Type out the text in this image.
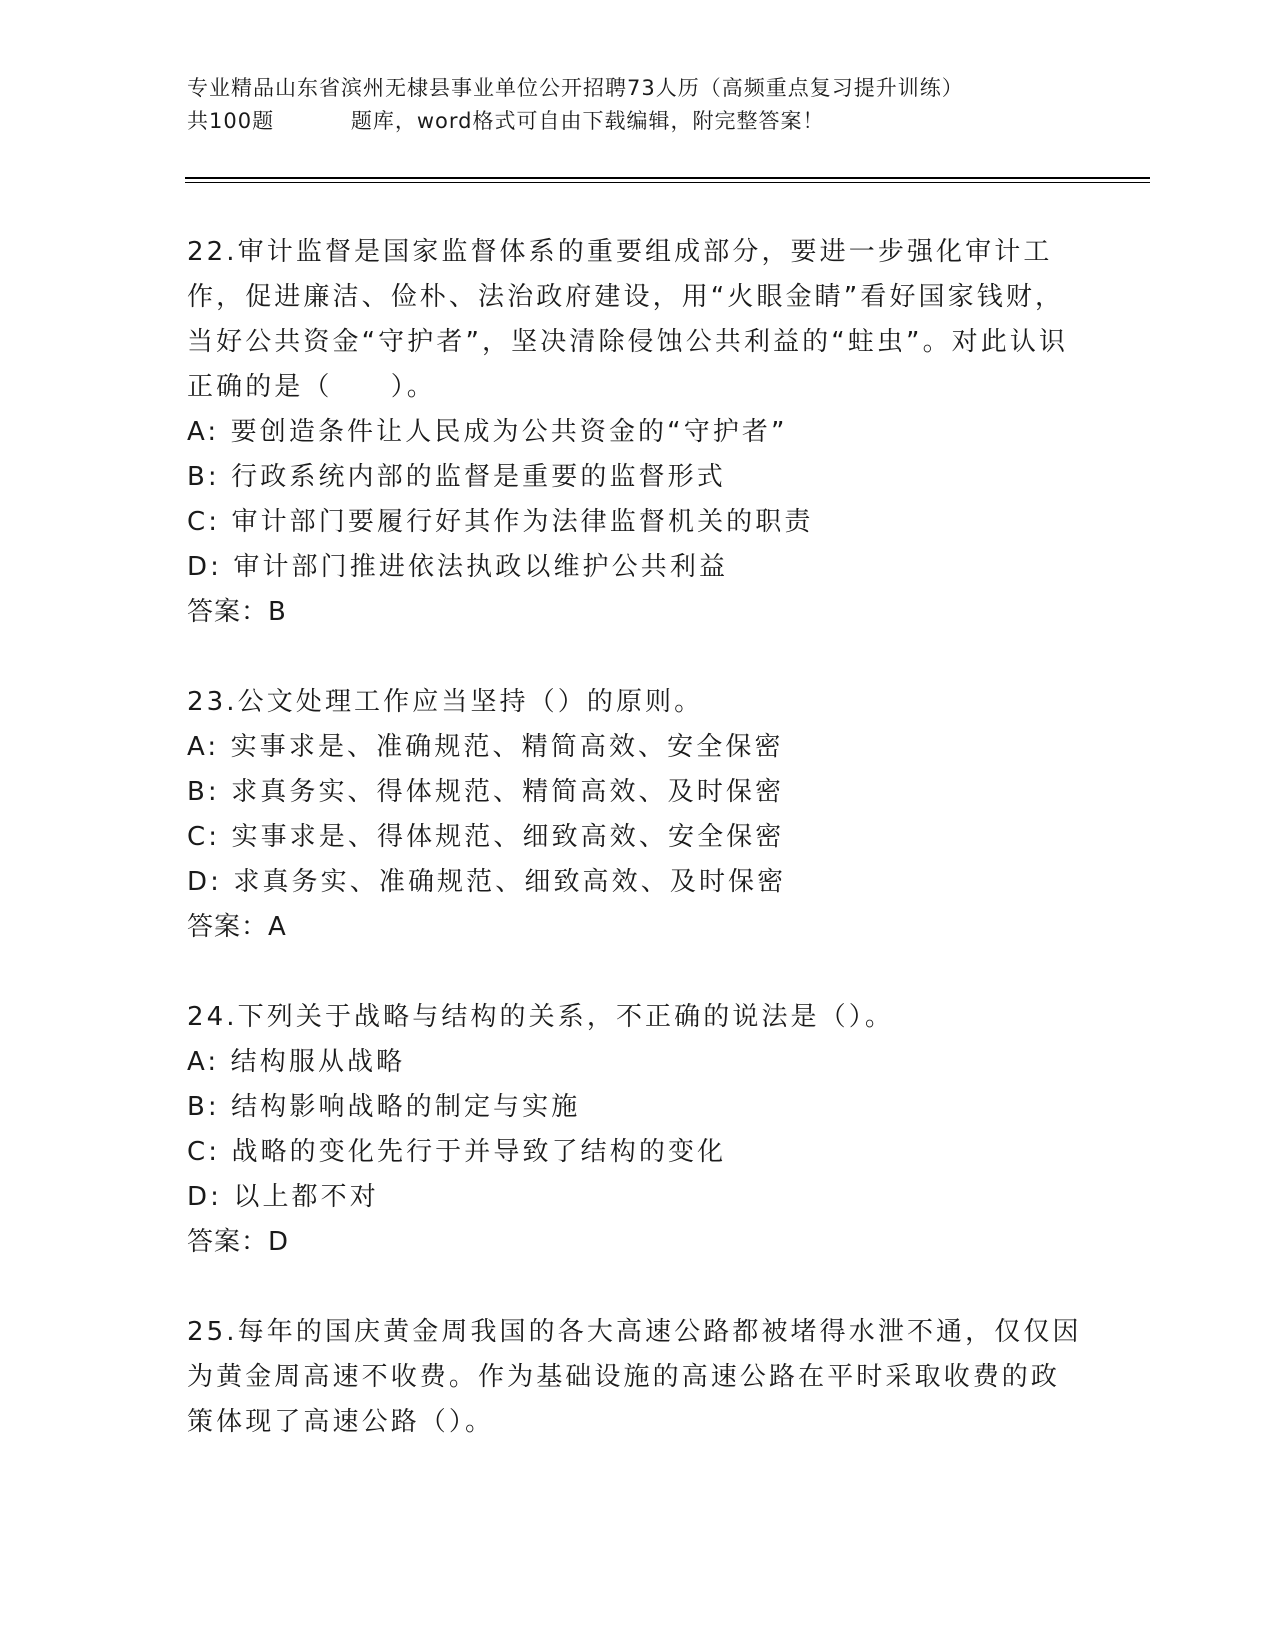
专业精品山东省滨州无棣县事业单位公开招聘73人历（高频重点复习提升训练）
共100题          题库，word格式可自由下载编辑，附完整答案！

22.审计监督是国家监督体系的重要组成部分，要进一步强化审计工作，促进廉洁、俭朴、法治政府建设，用“火眼金睛”看好国家钱财，当好公共资金“守护者”，坚决清除侵蚀公共利益的“蛀虫”。对此认识正确的是（　　）。

A: 要创造条件让人民成为公共资金的“守护者”
B: 行政系统内部的监督是重要的监督形式
C: 审计部门要履行好其作为法律监督机关的职责
D: 审计部门推进依法执政以维护公共利益
答案：B

23.公文处理工作应当坚持（）的原则。

A: 实事求是、准确规范、精简高效、安全保密
B: 求真务实、得体规范、精简高效、及时保密
C: 实事求是、得体规范、细致高效、安全保密
D: 求真务实、准确规范、细致高效、及时保密
答案：A

24.下列关于战略与结构的关系，不正确的说法是（）。

A: 结构服从战略
B: 结构影响战略的制定与实施
C: 战略的变化先行于并导致了结构的变化
D: 以上都不对
答案：D

25.每年的国庆黄金周我国的各大高速公路都被堵得水泄不通，仅仅因为黄金周高速不收费。作为基础设施的高速公路在平时采取收费的政策体现了高速公路（）。
